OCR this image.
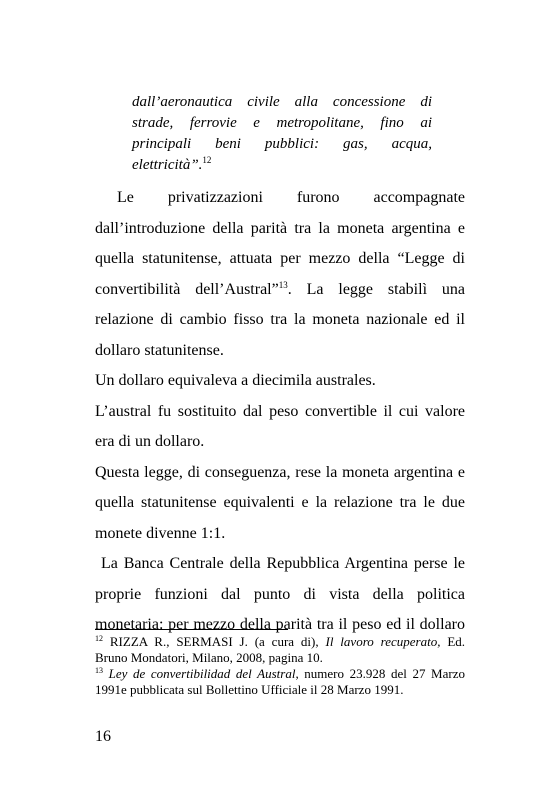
dall’aeronautica civile alla concessione di
strade, ferrovie e metropolitane, fino ai
principali beni pubblici: gas, acqua,
elettricità”.$^{12}$
Le privatizzazioni furono accompagnate
dall’introduzione della parità tra la moneta argentina e
quella statunitense, attuata per mezzo della “Legge di
convertibilità dell’Austral”$^{13}$. La legge stabilì una
relazione di cambio fisso tra la moneta nazionale ed il
dollaro statunitense.
Un dollaro equivaleva a diecimila australes.
L’austral fu sostituito dal peso convertible il cui valore
era di un dollaro.
Questa legge, di conseguenza, rese la moneta argentina e
quella statunitense equivalenti e la relazione tra le due
monete divenne 1:1.
La Banca Centrale della Repubblica Argentina perse le
proprie funzioni dal punto di vista della politica
monetaria: per mezzo della parità tra il peso ed il dollaro
$^{12}$ RIZZA R., SERMASI J. (a cura di), Il lavoro recuperato, Ed.
Bruno Mondatori, Milano, 2008, pagina 10.
$^{13}$ Ley de convertibilidad del Austral, numero 23.928 del 27 Marzo
1991e pubblicata sul Bollettino Ufficiale il 28 Marzo 1991.
16
